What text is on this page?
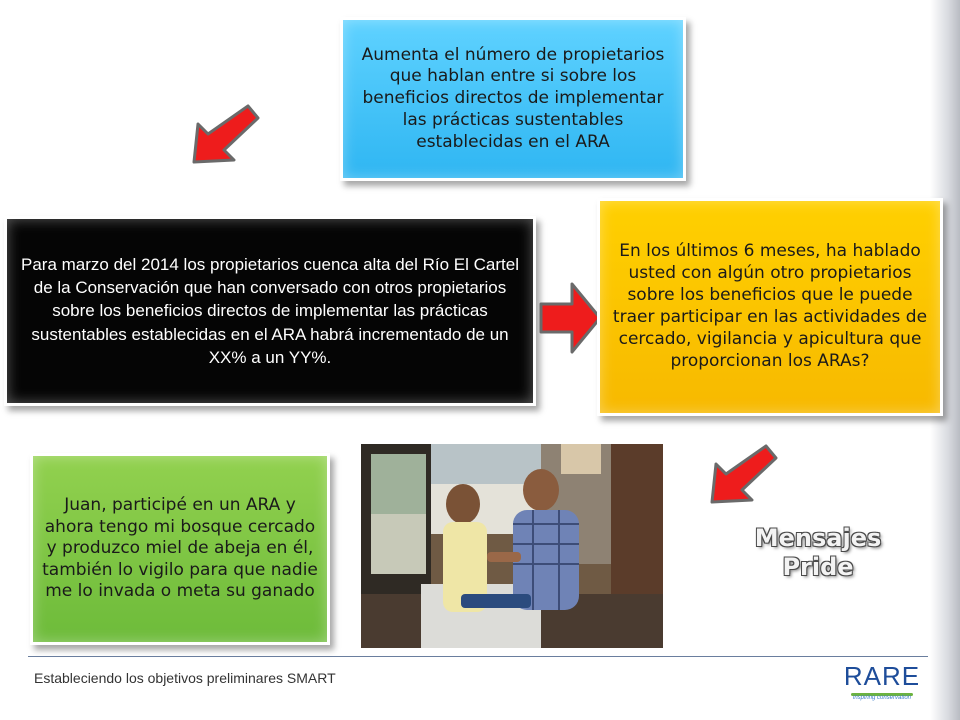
Aumenta el número de propietarios que hablan entre si sobre los beneficios directos de implementar las prácticas sustentables establecidas en el ARA
Para marzo del 2014 los propietarios cuenca alta del Río El Cartel de la Conservación que han conversado con otros propietarios sobre los beneficios directos de implementar las prácticas sustentables establecidas en el ARA habrá incrementado de un XX% a un YY%.
En los últimos 6 meses, ha hablado usted con algún otro propietarios sobre los beneficios que le puede traer participar en las actividades de cercado, vigilancia y apicultura que proporcionan los ARAs?
Juan, participé en un ARA y ahora tengo mi bosque cercado y produzco miel de abeja en él, también lo vigilo para que nadie me lo invada o meta su ganado
Mensajes Pride
Estableciendo los objetivos preliminares SMART	RARE
inspiring conservation
